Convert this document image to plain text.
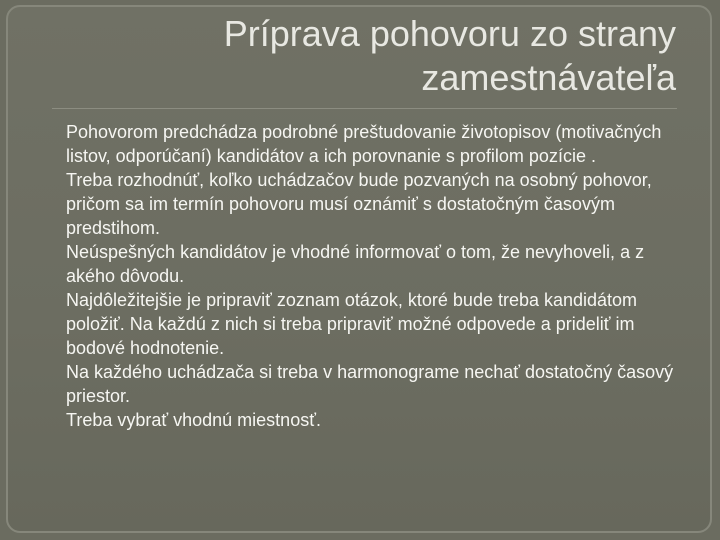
Príprava pohovoru zo strany
zamestnávateľa
Pohovorom predchádza podrobné preštudovanie životopisov (motivačných listov, odporúčaní) kandidátov a ich porovnanie s profilom pozície .
Treba rozhodnúť, koľko uchádzačov bude pozvaných na osobný pohovor, pričom sa im termín pohovoru musí oznámiť s dostatočným časovým predstihom.
Neúspešných kandidátov je vhodné informovať o tom, že nevyhoveli, a z akého dôvodu.
Najdôležitejšie je pripraviť zoznam otázok, ktoré bude treba kandidátom položiť. Na každú z nich si treba pripraviť možné odpovede a prideliť im bodové hodnotenie.
Na každého uchádzača si treba v harmonograme nechať dostatočný časový priestor.
Treba vybrať vhodnú miestnosť.
